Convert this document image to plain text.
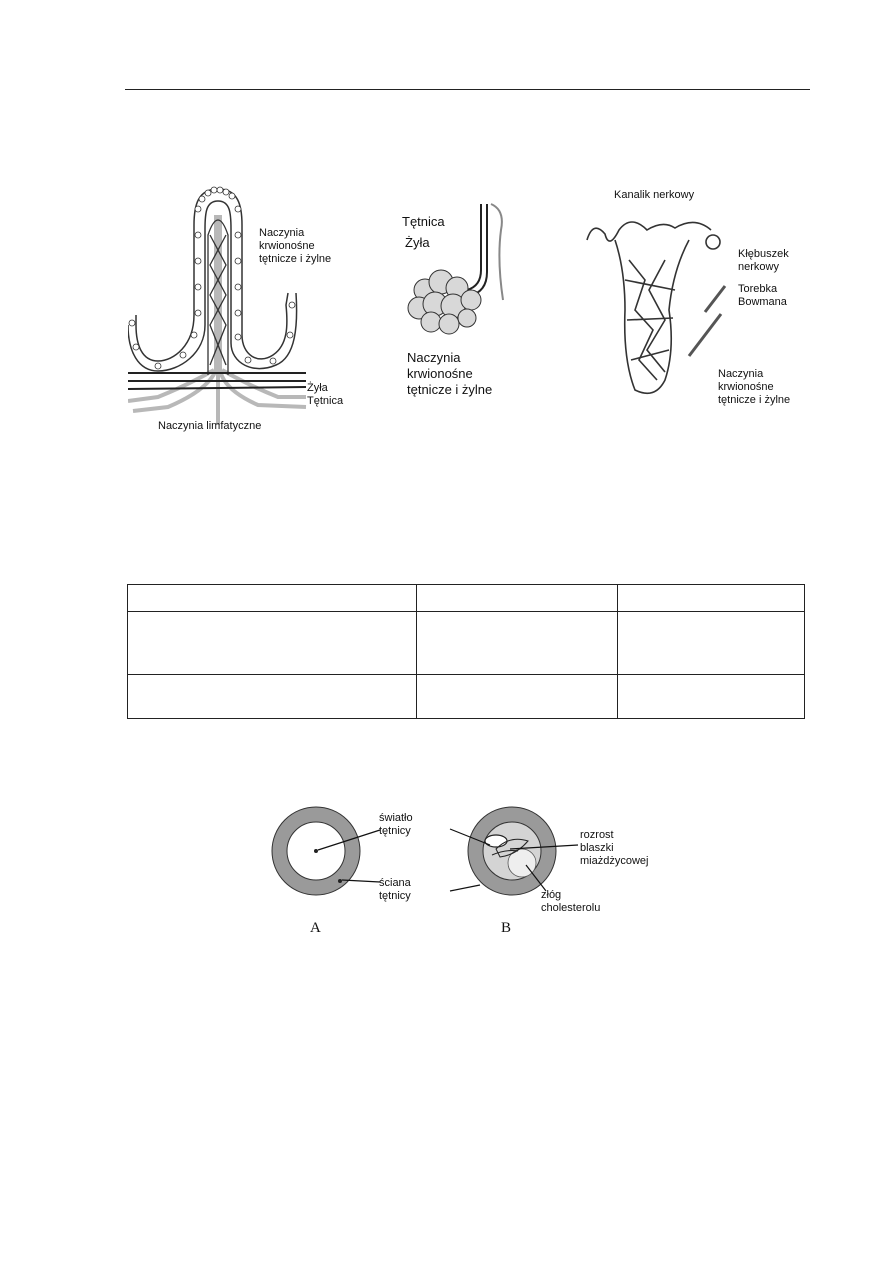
Naczynia
krwionośne
tętnicze i żylne
Żyła
Tętnica
Naczynia limfatyczne
Tętnica
Żyła
Naczynia
krwionośne
tętnicze i żylne
Kanalik nerkowy
Kłębuszek
nerkowy
Torebka
Bowmana
Naczynia
krwionośne
tętnicze i żylne

światło
tętnicy
ściana
tętnicy
rozrost
blaszki
miażdżycowej
złóg
cholesterolu
A	B
